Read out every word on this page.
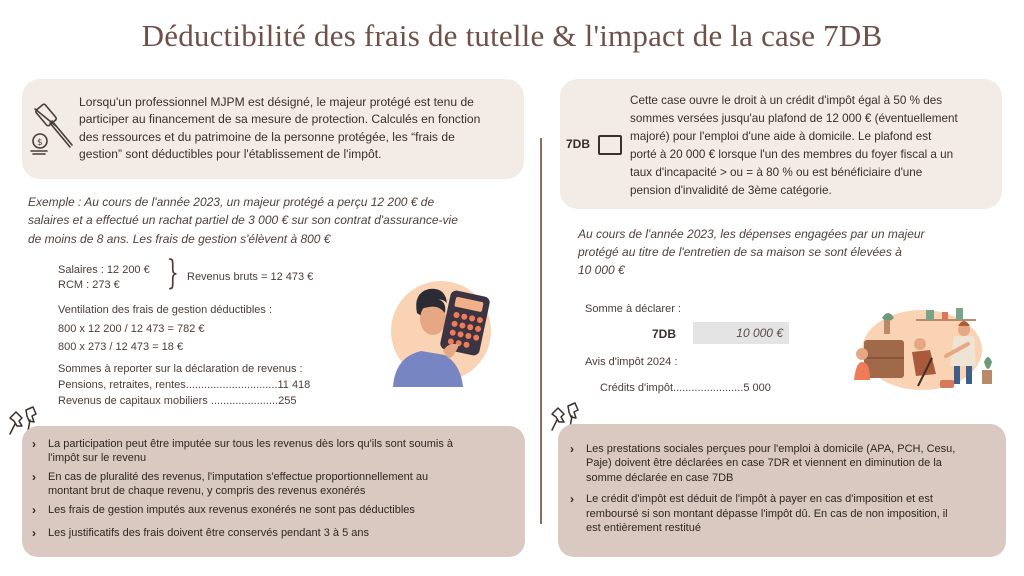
Déductibilité des frais de tutelle & l'impact de la case 7DB
$
Lorsqu'un professionnel MJPM est désigné, le majeur protégé est tenu de
participer au financement de sa mesure de protection. Calculés en fonction
des ressources et du patrimoine de la personne protégée, les “frais de
gestion” sont déductibles pour l'établissement de l'impôt.
Exemple : Au cours de l'année 2023, un majeur protégé a perçu 12 200 € de
salaires et a effectué un rachat partiel de 3 000 € sur son contrat d'assurance-vie
de moins de 8 ans. Les frais de gestion s'élèvent à 800 €
Salaires : 12 200 €
RCM : 273 € } Revenus bruts = 12 473 €
Ventilation des frais de gestion déductibles :
800 x 12 200 / 12 473 = 782 €
800 x 273 / 12 473 = 18 €
Sommes à reporter sur la déclaration de revenus :
Pensions, retraites, rentes..............................11 418
Revenus de capitaux mobiliers ......................255
› La participation peut être imputée sur tous les revenus dès lors qu'ils sont soumis à
l'impôt sur le revenu
› En cas de pluralité des revenus, l'imputation s'effectue proportionnellement au
montant brut de chaque revenu, y compris des revenus exonérés
› Les frais de gestion imputés aux revenus exonérés ne sont pas déductibles
› Les justificatifs des frais doivent être conservés pendant 3 à 5 ans
7DB
Cette case ouvre le droit à un crédit d'impôt égal à 50 % des
sommes versées jusqu'au plafond de 12 000 € (éventuellement
majoré) pour l'emploi d'une aide à domicile. Le plafond est
porté à 20 000 € lorsque l'un des membres du foyer fiscal a un
taux d'incapacité > ou = à 80 % ou est bénéficiaire d'une
pension d'invalidité de 3ème catégorie.
Au cours de l'année 2023, les dépenses engagées par un majeur
protégé au titre de l'entretien de sa maison se sont élevées à
10 000 €
Somme à déclarer :
7DB	10 000 €
Avis d'impôt 2024 :
Crédits d'impôt.......................5 000
› Les prestations sociales perçues pour l'emploi à domicile (APA, PCH, Cesu,
Paje) doivent être déclarées en case 7DR et viennent en diminution de la
somme déclarée en case 7DB
› Le crédit d'impôt est déduit de l'impôt à payer en cas d'imposition et est
remboursé si son montant dépasse l'impôt dû. En cas de non imposition, il
est entièrement restitué
